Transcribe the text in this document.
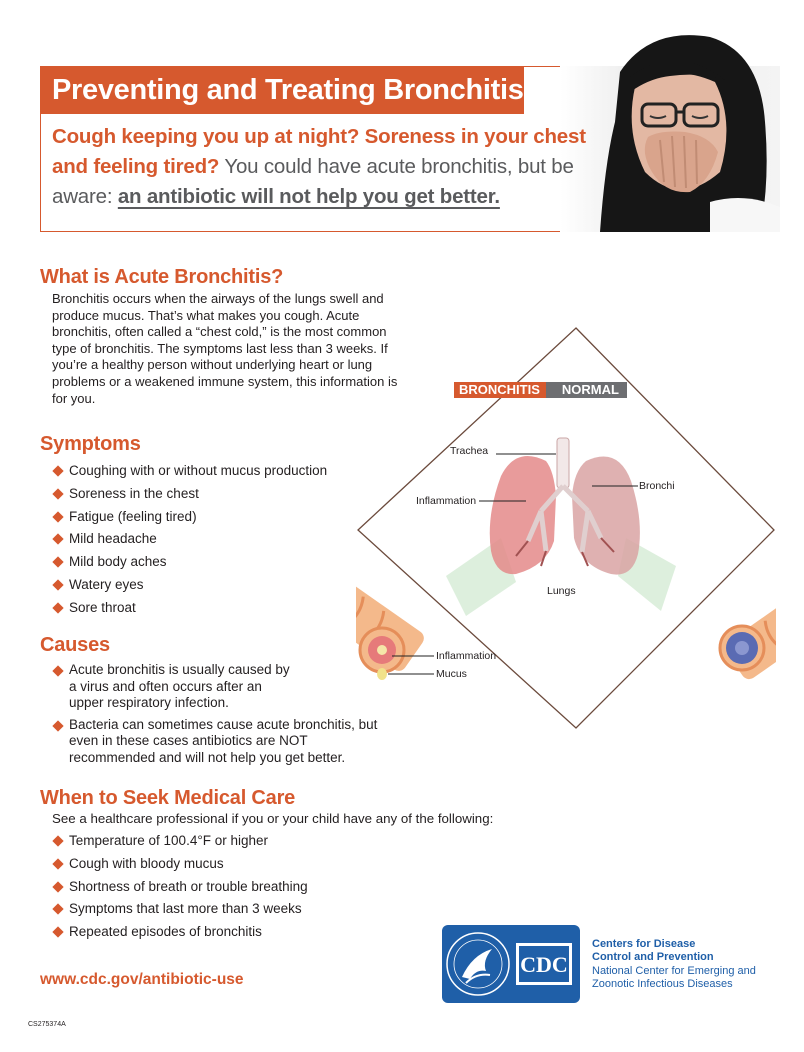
Preventing and Treating Bronchitis
Cough keeping you up at night? Soreness in your chest and feeling tired? You could have acute bronchitis, but be aware: an antibiotic will not help you get better.
What is Acute Bronchitis?
Bronchitis occurs when the airways of the lungs swell and produce mucus. That’s what makes you cough. Acute bronchitis, often called a “chest cold,” is the most common type of bronchitis. The symptoms last less than 3 weeks. If you’re a healthy person without underlying heart or lung problems or a weakened immune system, this information is for you.
Symptoms
Coughing with or without mucus production
Soreness in the chest
Fatigue (feeling tired)
Mild headache
Mild body aches
Watery eyes
Sore throat
Causes
Acute bronchitis is usually caused by a virus and often occurs after an upper respiratory infection.
Bacteria can sometimes cause acute bronchitis, but even in these cases antibiotics are NOT recommended and will not help you get better.
BRONCHITIS	NORMAL
Trachea
Bronchi
Inflammation
Lungs
Inflammation
Mucus
When to Seek Medical Care
See a healthcare professional if you or your child have any of the following:
Temperature of 100.4°F or higher
Cough with bloody mucus
Shortness of breath or trouble breathing
Symptoms that last more than 3 weeks
Repeated episodes of bronchitis
www.cdc.gov/antibiotic-use
CS275374A
CDC
Centers for Disease
Control and Prevention
National Center for Emerging and
Zoonotic Infectious Diseases
